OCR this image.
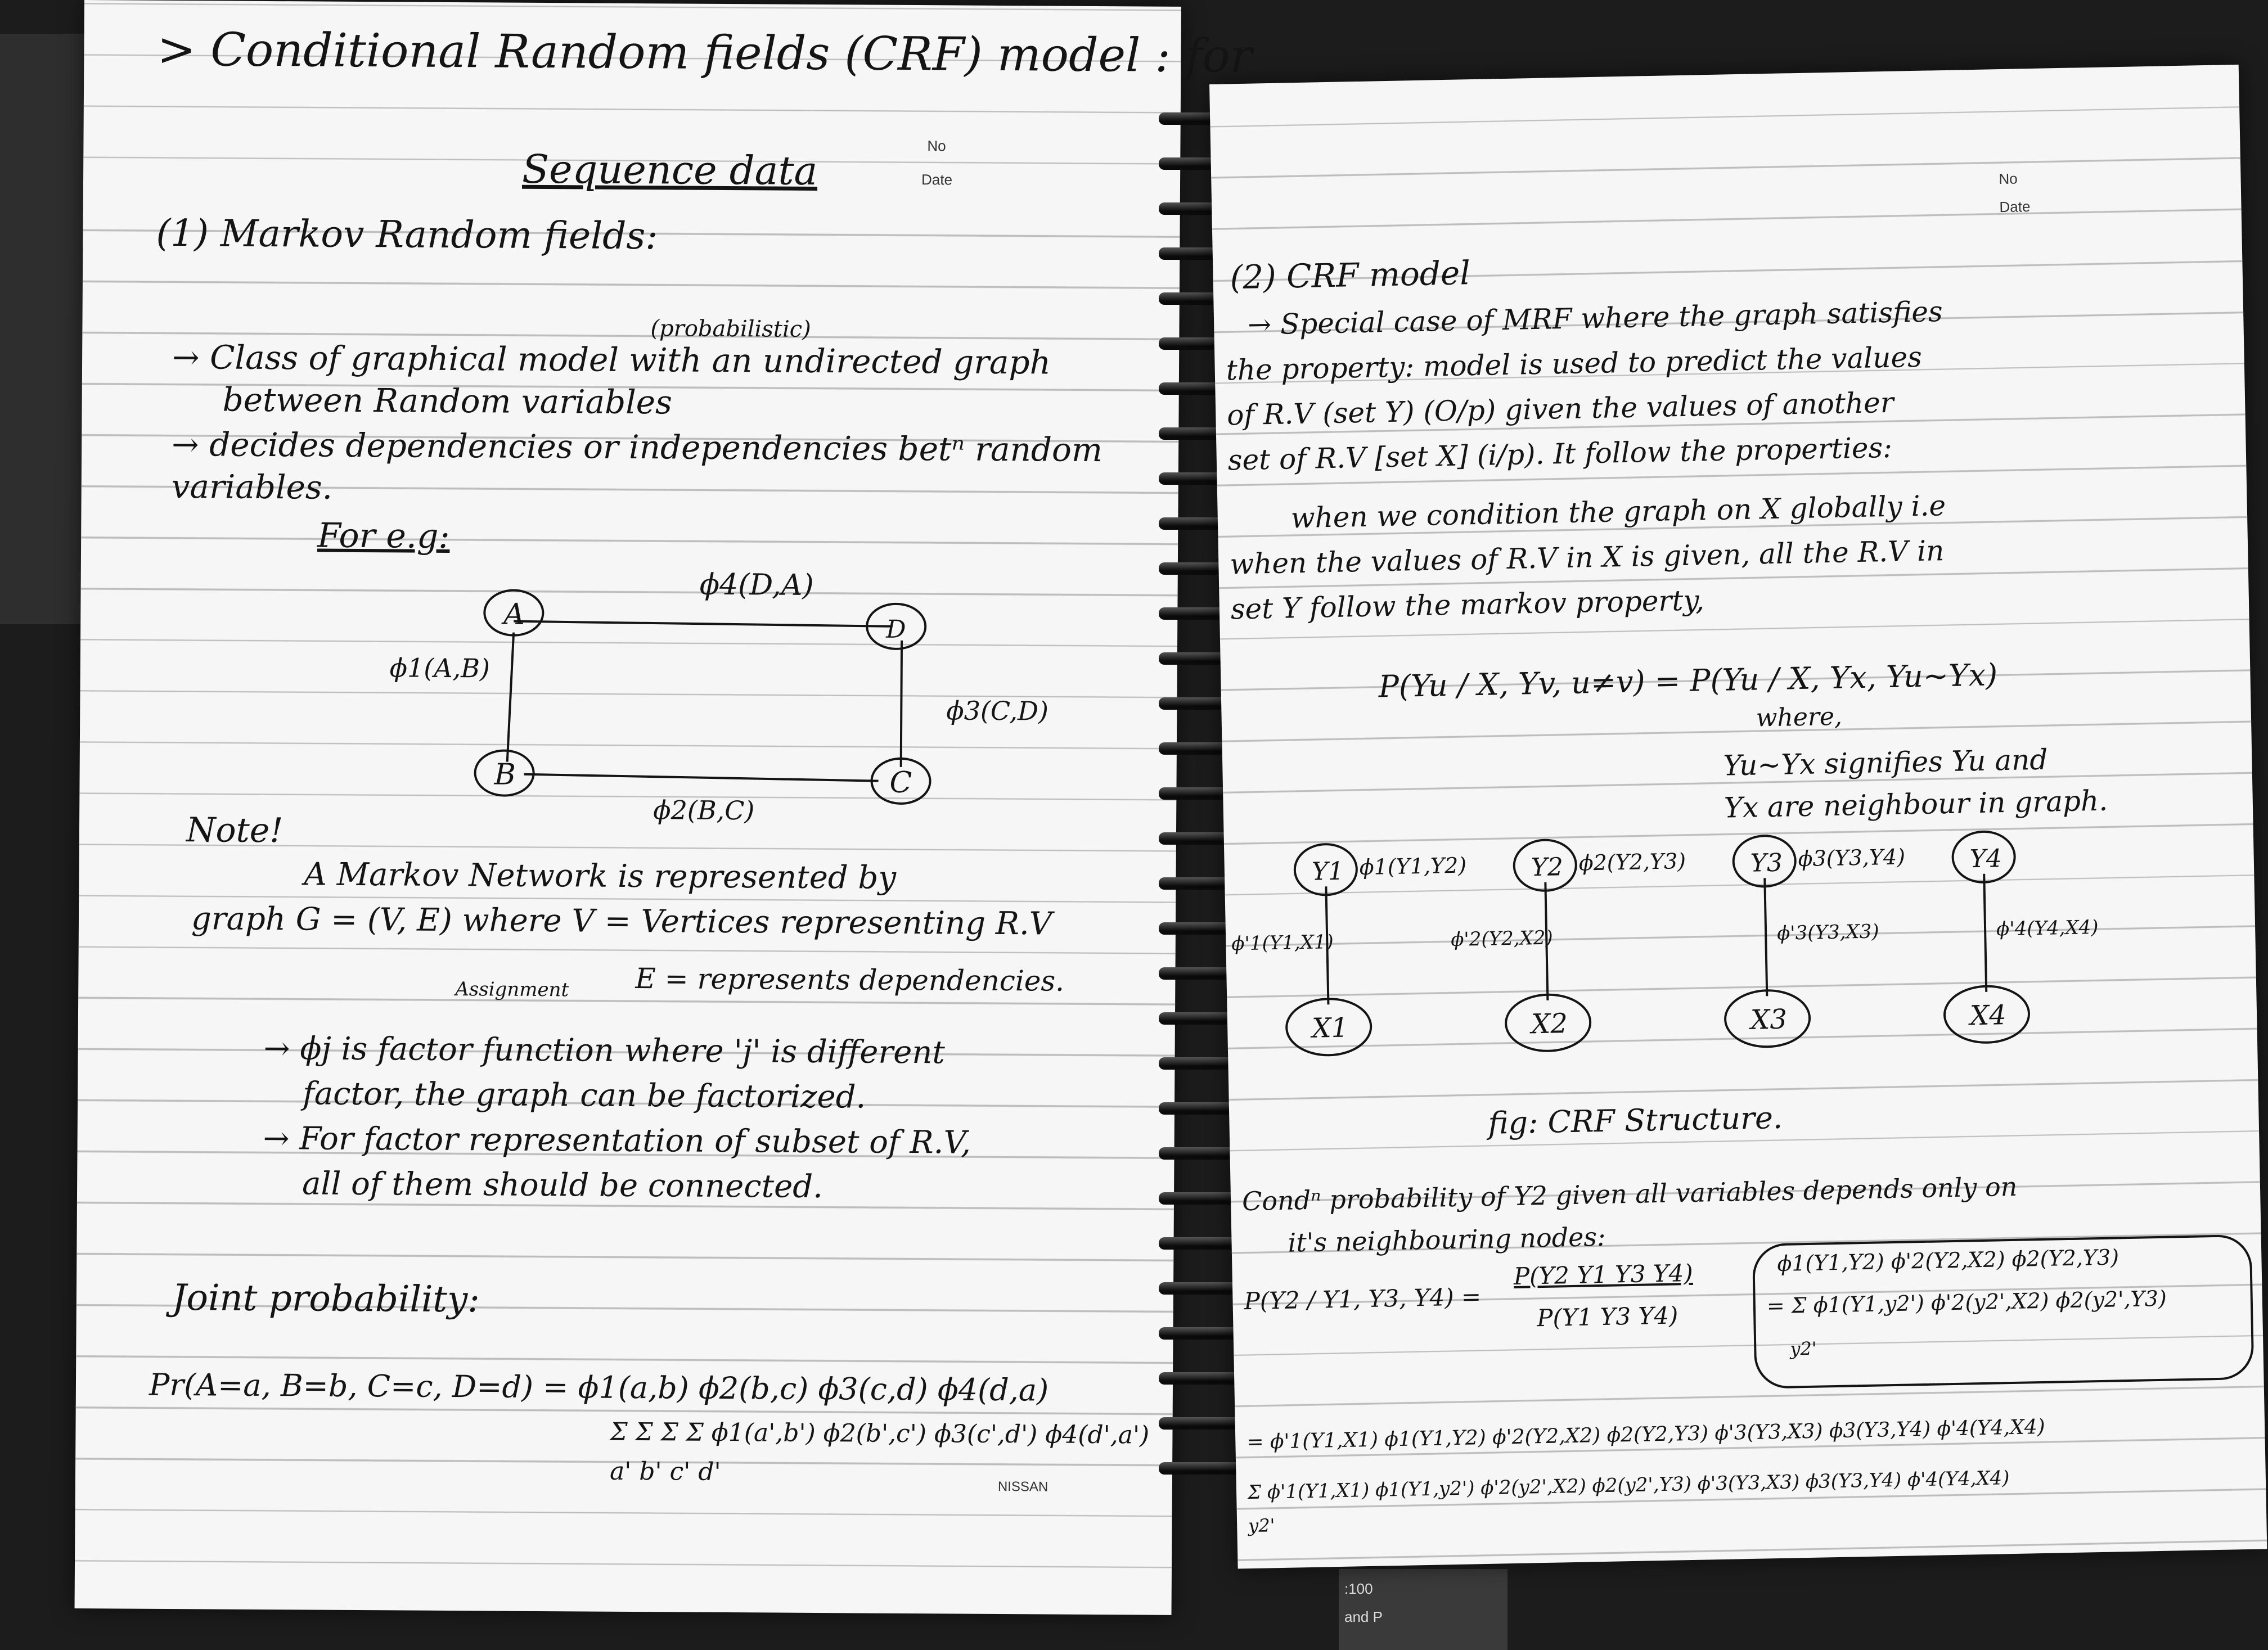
:100
and P
No
Date
> Conditional Random fields (CRF) model : for
Sequence data
(1) Markov Random fields:
(probabilistic)
→ Class of graphical model with an undirected graph
between Random variables
→ decides dependencies or independencies betⁿ random
variables.
For e.g:
A	D
B	C
ϕ4(D,A)
ϕ1(A,B)
ϕ3(C,D)
ϕ2(B,C)
Note!
A Markov Network is represented by
graph G = (V, E) where V = Vertices representing R.V
Assignment E = represents dependencies.
→ ϕj is factor function where 'j' is different
factor, the graph can be factorized.
→ For factor representation of subset of R.V,
all of them should be connected.
Joint probability:
Pr(A=a, B=b, C=c, D=d) = ϕ1(a,b) ϕ2(b,c) ϕ3(c,d) ϕ4(d,a)
Σ Σ Σ Σ ϕ1(a',b') ϕ2(b',c') ϕ3(c',d') ϕ4(d',a')
a' b' c' d'
NISSAN
No
Date
(2) CRF model
→ Special case of MRF where the graph satisfies
the property: model is used to predict the values
of R.V (set Y) (O/p) given the values of another
set of R.V [set X] (i/p). It follow the properties:
when we condition the graph on X globally i.e
when the values of R.V in X is given, all the R.V in
set Y follow the markov property,
P(Yu / X, Yv, u≠v) = P(Yu / X, Yx, Yu~Yx)
where,
Yu~Yx signifies Yu and
Yx are neighbour in graph.
Y1	Y2	Y3	Y4
X1	X2	X3	X4
ϕ1(Y1,Y2)	ϕ2(Y2,Y3)	ϕ3(Y3,Y4)
ϕ'1(Y1,X1)	ϕ'2(Y2,X2)	ϕ'3(Y3,X3)	ϕ'4(Y4,X4)
fig: CRF Structure.
Condⁿ probability of Y2 given all variables depends only on
it's neighbouring nodes:
P(Y2 / Y1, Y3, Y4) =
P(Y2 Y1 Y3 Y4)
P(Y1 Y3 Y4)
ϕ1(Y1,Y2) ϕ'2(Y2,X2) ϕ2(Y2,Y3)
= Σ ϕ1(Y1,y2') ϕ'2(y2',X2) ϕ2(y2',Y3)
y2'
= ϕ'1(Y1,X1) ϕ1(Y1,Y2) ϕ'2(Y2,X2) ϕ2(Y2,Y3) ϕ'3(Y3,X3) ϕ3(Y3,Y4) ϕ'4(Y4,X4)
Σ ϕ'1(Y1,X1) ϕ1(Y1,y2') ϕ'2(y2',X2) ϕ2(y2',Y3) ϕ'3(Y3,X3) ϕ3(Y3,Y4) ϕ'4(Y4,X4)
y2'
